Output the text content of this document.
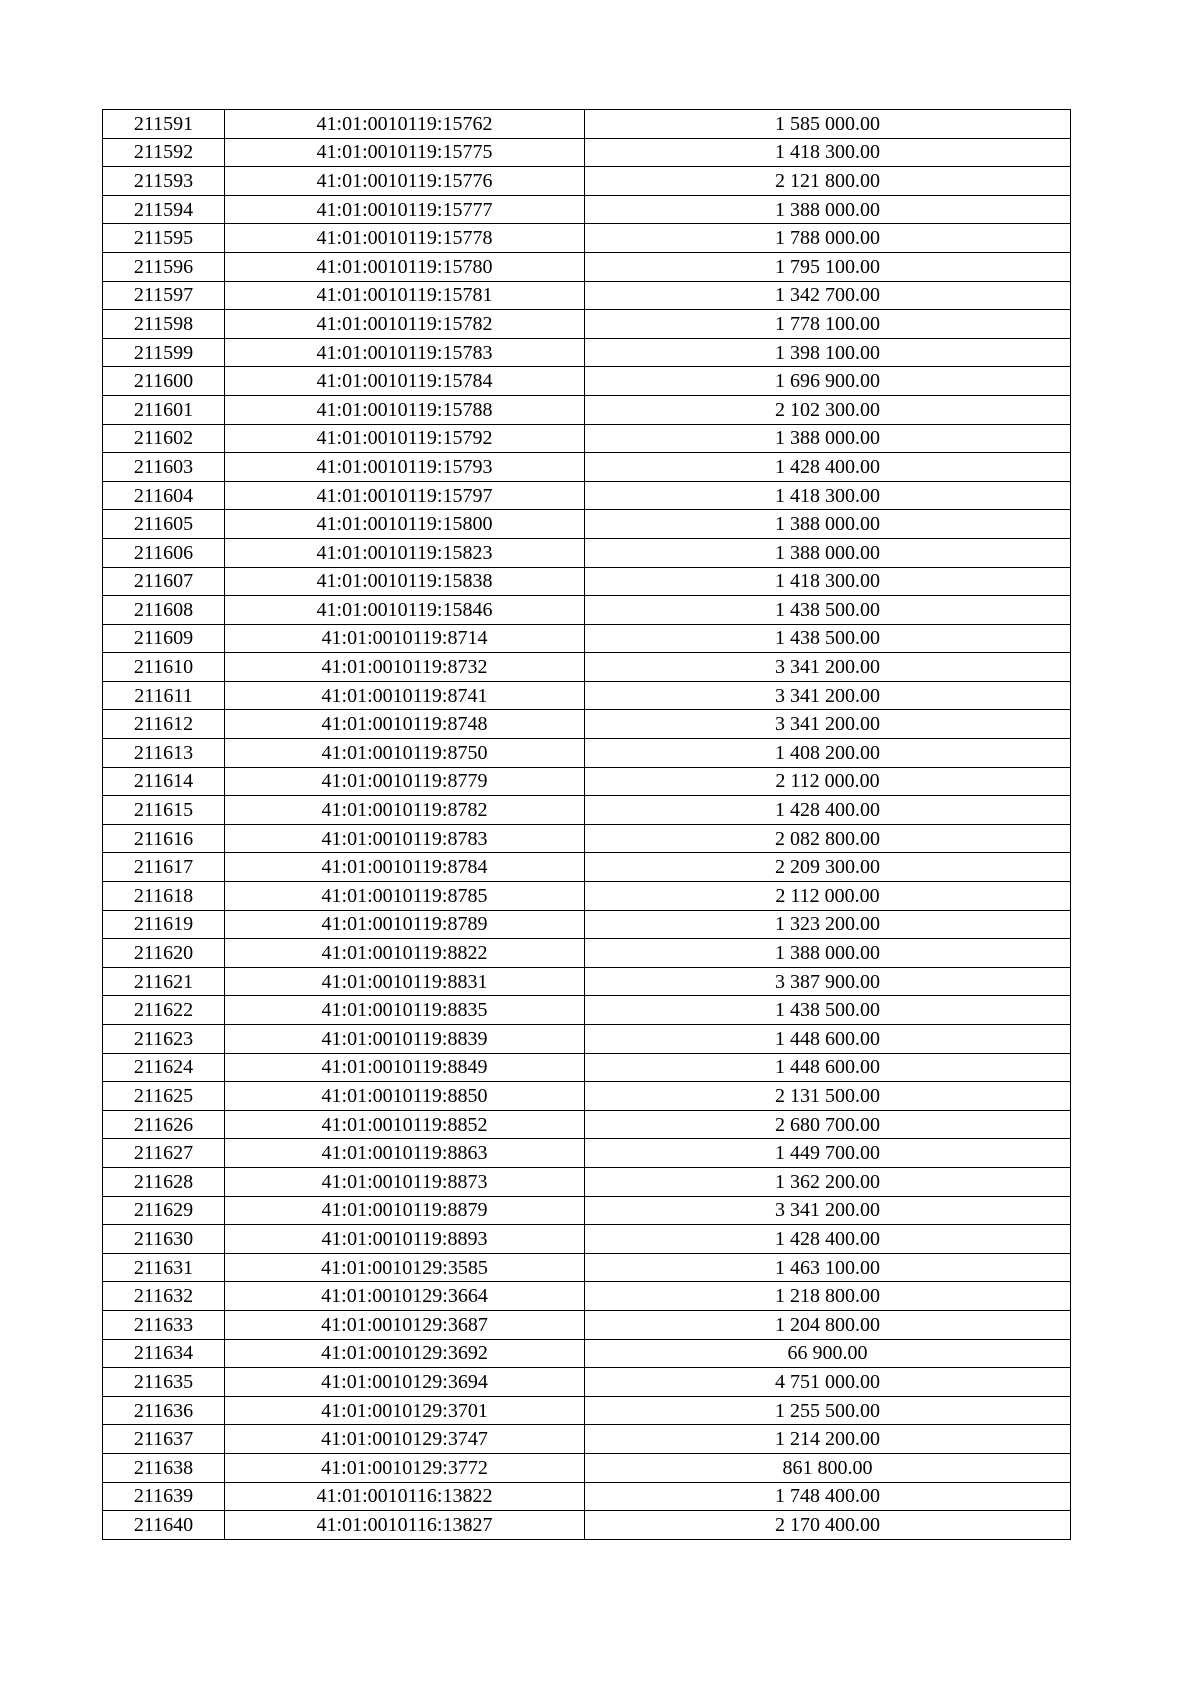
211591	41:01:0010119:15762	1 585 000.00
211592	41:01:0010119:15775	1 418 300.00
211593	41:01:0010119:15776	2 121 800.00
211594	41:01:0010119:15777	1 388 000.00
211595	41:01:0010119:15778	1 788 000.00
211596	41:01:0010119:15780	1 795 100.00
211597	41:01:0010119:15781	1 342 700.00
211598	41:01:0010119:15782	1 778 100.00
211599	41:01:0010119:15783	1 398 100.00
211600	41:01:0010119:15784	1 696 900.00
211601	41:01:0010119:15788	2 102 300.00
211602	41:01:0010119:15792	1 388 000.00
211603	41:01:0010119:15793	1 428 400.00
211604	41:01:0010119:15797	1 418 300.00
211605	41:01:0010119:15800	1 388 000.00
211606	41:01:0010119:15823	1 388 000.00
211607	41:01:0010119:15838	1 418 300.00
211608	41:01:0010119:15846	1 438 500.00
211609	41:01:0010119:8714	1 438 500.00
211610	41:01:0010119:8732	3 341 200.00
211611	41:01:0010119:8741	3 341 200.00
211612	41:01:0010119:8748	3 341 200.00
211613	41:01:0010119:8750	1 408 200.00
211614	41:01:0010119:8779	2 112 000.00
211615	41:01:0010119:8782	1 428 400.00
211616	41:01:0010119:8783	2 082 800.00
211617	41:01:0010119:8784	2 209 300.00
211618	41:01:0010119:8785	2 112 000.00
211619	41:01:0010119:8789	1 323 200.00
211620	41:01:0010119:8822	1 388 000.00
211621	41:01:0010119:8831	3 387 900.00
211622	41:01:0010119:8835	1 438 500.00
211623	41:01:0010119:8839	1 448 600.00
211624	41:01:0010119:8849	1 448 600.00
211625	41:01:0010119:8850	2 131 500.00
211626	41:01:0010119:8852	2 680 700.00
211627	41:01:0010119:8863	1 449 700.00
211628	41:01:0010119:8873	1 362 200.00
211629	41:01:0010119:8879	3 341 200.00
211630	41:01:0010119:8893	1 428 400.00
211631	41:01:0010129:3585	1 463 100.00
211632	41:01:0010129:3664	1 218 800.00
211633	41:01:0010129:3687	1 204 800.00
211634	41:01:0010129:3692	66 900.00
211635	41:01:0010129:3694	4 751 000.00
211636	41:01:0010129:3701	1 255 500.00
211637	41:01:0010129:3747	1 214 200.00
211638	41:01:0010129:3772	861 800.00
211639	41:01:0010116:13822	1 748 400.00
211640	41:01:0010116:13827	2 170 400.00
